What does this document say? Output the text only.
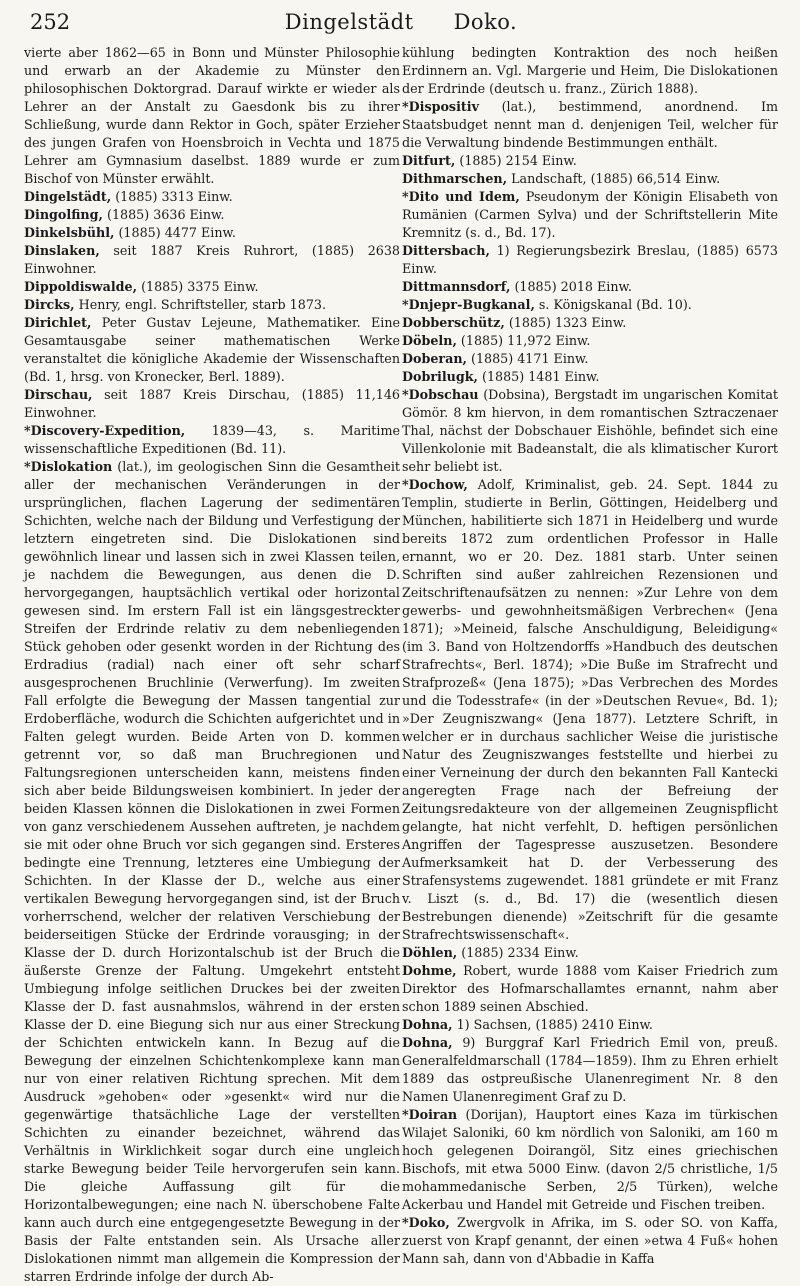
252	Dingelstädt Doko.

vierte aber 1862—65 in Bonn und Münster Philosophie und erwarb an der Akademie zu Münster den philosophischen Doktorgrad. Darauf wirkte er wieder als Lehrer an der Anstalt zu Gaesdonk bis zu ihrer Schließung, wurde dann Rektor in Goch, später Erzieher des jungen Grafen von Hoensbroich in Vechta und 1875 Lehrer am Gymnasium daselbst. 1889 wurde er zum Bischof von Münster erwählt.

Dingelstädt, (1885) 3313 Einw.

Dingolfing, (1885) 3636 Einw.

Dinkelsbühl, (1885) 4477 Einw.

Dinslaken, seit 1887 Kreis Ruhrort, (1885) 2638 Einwohner.

Dippoldiswalde, (1885) 3375 Einw.

Dircks, Henry, engl. Schriftsteller, starb 1873.

Dirichlet, Peter Gustav Lejeune, Mathematiker. Eine Gesamtausgabe seiner mathematischen Werke veranstaltet die königliche Akademie der Wissenschaften (Bd. 1, hrsg. von Kronecker, Berl. 1889).

Dirschau, seit 1887 Kreis Dirschau, (1885) 11,146 Einwohner.

*Discovery-Expedition, 1839—43, s. Maritime wissenschaftliche Expeditionen (Bd. 11).

*Dislokation (lat.), im geologischen Sinn die Gesamtheit aller der mechanischen Veränderungen in der ursprünglichen, flachen Lagerung der sedimentären Schichten, welche nach der Bildung und Verfestigung der letztern eingetreten sind. Die Dislokationen sind gewöhnlich linear und lassen sich in zwei Klassen teilen, je nachdem die Bewegungen, aus denen die D. hervorgegangen, hauptsächlich vertikal oder horizontal gewesen sind. Im erstern Fall ist ein längsgestreckter Streifen der Erdrinde relativ zu dem nebenliegenden Stück gehoben oder gesenkt worden in der Richtung des Erdradius (radial) nach einer oft sehr scharf ausgesprochenen Bruchlinie (Verwerfung). Im zweiten Fall erfolgte die Bewegung der Massen tangential zur Erdoberfläche, wodurch die Schichten aufgerichtet und in Falten gelegt wurden. Beide Arten von D. kommen getrennt vor, so daß man Bruchregionen und Faltungsregionen unterscheiden kann, meistens finden sich aber beide Bildungsweisen kombiniert. In jeder der beiden Klassen können die Dislokationen in zwei Formen von ganz verschiedenem Aussehen auftreten, je nachdem sie mit oder ohne Bruch vor sich gegangen sind. Ersteres bedingte eine Trennung, letzteres eine Umbiegung der Schichten. In der Klasse der D., welche aus einer vertikalen Bewegung hervorgegangen sind, ist der Bruch vorherrschend, welcher der relativen Verschiebung der beiderseitigen Stücke der Erdrinde vorausging; in der Klasse der D. durch Horizontalschub ist der Bruch die äußerste Grenze der Faltung. Umgekehrt entsteht Umbiegung infolge seitlichen Druckes bei der zweiten Klasse der D. fast ausnahmslos, während in der ersten Klasse der D. eine Biegung sich nur aus einer Streckung der Schichten entwickeln kann. In Bezug auf die Bewegung der einzelnen Schichtenkomplexe kann man nur von einer relativen Richtung sprechen. Mit dem Ausdruck »gehoben« oder »gesenkt« wird nur die gegenwärtige thatsächliche Lage der verstellten Schichten zu einander bezeichnet, während das Verhältnis in Wirklichkeit sogar durch eine ungleich starke Bewegung beider Teile hervorgerufen sein kann. Die gleiche Auffassung gilt für die Horizontalbewegungen; eine nach N. überschobene Falte kann auch durch eine entgegengesetzte Bewegung in der Basis der Falte entstanden sein. Als Ursache aller Dislokationen nimmt man allgemein die Kompression der starren Erdrinde infolge der durch Ab-

kühlung bedingten Kontraktion des noch heißen Erdinnern an. Vgl. Margerie und Heim, Die Dislokationen der Erdrinde (deutsch u. franz., Zürich 1888).

*Dispositiv (lat.), bestimmend, anordnend. Im Staatsbudget nennt man d. denjenigen Teil, welcher für die Verwaltung bindende Bestimmungen enthält.

Ditfurt, (1885) 2154 Einw.

Dithmarschen, Landschaft, (1885) 66,514 Einw.

*Dito und Idem, Pseudonym der Königin Elisabeth von Rumänien (Carmen Sylva) und der Schriftstellerin Mite Kremnitz (s. d., Bd. 17).

Dittersbach, 1) Regierungsbezirk Breslau, (1885) 6573 Einw.

Dittmannsdorf, (1885) 2018 Einw.

*Dnjepr-Bugkanal, s. Königskanal (Bd. 10).

Dobberschütz, (1885) 1323 Einw.

Döbeln, (1885) 11,972 Einw.

Doberan, (1885) 4171 Einw.

Dobrilugk, (1885) 1481 Einw.

*Dobschau (Dobsina), Bergstadt im ungarischen Komitat Gömör. 8 km hiervon, in dem romantischen Sztraczenaer Thal, nächst der Dobschauer Eishöhle, befindet sich eine Villenkolonie mit Badeanstalt, die als klimatischer Kurort sehr beliebt ist.

*Dochow, Adolf, Kriminalist, geb. 24. Sept. 1844 zu Templin, studierte in Berlin, Göttingen, Heidelberg und München, habilitierte sich 1871 in Heidelberg und wurde bereits 1872 zum ordentlichen Professor in Halle ernannt, wo er 20. Dez. 1881 starb. Unter seinen Schriften sind außer zahlreichen Rezensionen und Zeitschriftenaufsätzen zu nennen: »Zur Lehre von dem gewerbs- und gewohnheitsmäßigen Verbrechen« (Jena 1871); »Meineid, falsche Anschuldigung, Beleidigung« (im 3. Band von Holtzendorffs »Handbuch des deutschen Strafrechts«, Berl. 1874); »Die Buße im Strafrecht und Strafprozeß« (Jena 1875); »Das Verbrechen des Mordes und die Todesstrafe« (in der »Deutschen Revue«, Bd. 1); »Der Zeugniszwang« (Jena 1877). Letztere Schrift, in welcher er in durchaus sachlicher Weise die juristische Natur des Zeugniszwanges feststellte und hierbei zu einer Verneinung der durch den bekannten Fall Kantecki angeregten Frage nach der Befreiung der Zeitungsredakteure von der allgemeinen Zeugnispflicht gelangte, hat nicht verfehlt, D. heftigen persönlichen Angriffen der Tagespresse auszusetzen. Besondere Aufmerksamkeit hat D. der Verbesserung des Strafensystems zugewendet. 1881 gründete er mit Franz v. Liszt (s. d., Bd. 17) die (wesentlich diesen Bestrebungen dienende) »Zeitschrift für die gesamte Strafrechtswissenschaft«.

Döhlen, (1885) 2334 Einw.

Dohme, Robert, wurde 1888 vom Kaiser Friedrich zum Direktor des Hofmarschallamtes ernannt, nahm aber schon 1889 seinen Abschied.

Dohna, 1) Sachsen, (1885) 2410 Einw.

Dohna, 9) Burggraf Karl Friedrich Emil von, preuß. Generalfeldmarschall (1784—1859). Ihm zu Ehren erhielt 1889 das ostpreußische Ulanenregiment Nr. 8 den Namen Ulanenregiment Graf zu D.

*Doiran (Dorijan), Hauptort eines Kaza im türkischen Wilajet Saloniki, 60 km nördlich von Saloniki, am 160 m hoch gelegenen Doirangöl, Sitz eines griechischen Bischofs, mit etwa 5000 Einw. (davon 2/5 christliche, 1/5 mohammedanische Serben, 2/5 Türken), welche Ackerbau und Handel mit Getreide und Fischen treiben.

*Doko, Zwergvolk in Afrika, im S. oder SO. von Kaffa, zuerst von Krapf genannt, der einen »etwa 4 Fuß« hohen Mann sah, dann von d'Abbadie in Kaffa
